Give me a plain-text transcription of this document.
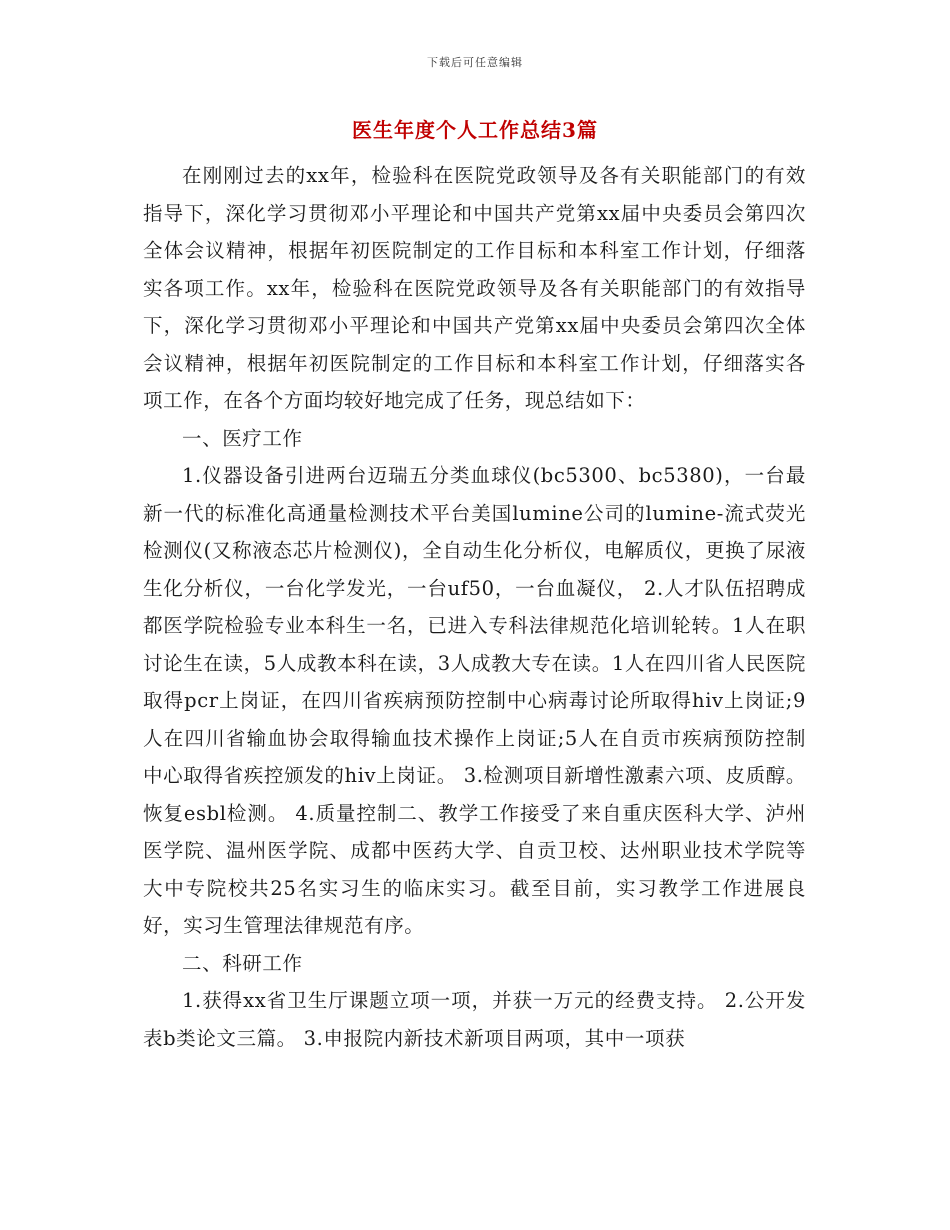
下载后可任意编辑
医生年度个人工作总结3篇

在刚刚过去的xx年，检验科在医院党政领导及各有关职能部门的有效指导下，深化学习贯彻邓小平理论和中国共产党第xx届中央委员会第四次全体会议精神，根据年初医院制定的工作目标和本科室工作计划，仔细落实各项工作。xx年，检验科在医院党政领导及各有关职能部门的有效指导下，深化学习贯彻邓小平理论和中国共产党第xx届中央委员会第四次全体会议精神，根据年初医院制定的工作目标和本科室工作计划，仔细落实各项工作，在各个方面均较好地完成了任务，现总结如下：

一、医疗工作

1.仪器设备引进两台迈瑞五分类血球仪(bc5300、bc5380)，一台最新一代的标准化高通量检测技术平台美国lumine公司的lumine-流式荧光检测仪(又称液态芯片检测仪)，全自动生化分析仪，电解质仪，更换了尿液生化分析仪，一台化学发光，一台uf50，一台血凝仪， 2.人才队伍招聘成都医学院检验专业本科生一名，已进入专科法律规范化培训轮转。1人在职讨论生在读，5人成教本科在读，3人成教大专在读。1人在四川省人民医院取得pcr上岗证，在四川省疾病预防控制中心病毒讨论所取得hiv上岗证;9人在四川省输血协会取得输血技术操作上岗证;5人在自贡市疾病预防控制中心取得省疾控颁发的hiv上岗证。 3.检测项目新增性激素六项、皮质醇。恢复esbl检测。 4.质量控制二、教学工作接受了来自重庆医科大学、泸州医学院、温州医学院、成都中医药大学、自贡卫校、达州职业技术学院等大中专院校共25名实习生的临床实习。截至目前，实习教学工作进展良好，实习生管理法律规范有序。

二、科研工作

1.获得xx省卫生厅课题立项一项，并获一万元的经费支持。 2.公开发表b类论文三篇。 3.申报院内新技术新项目两项，其中一项获
